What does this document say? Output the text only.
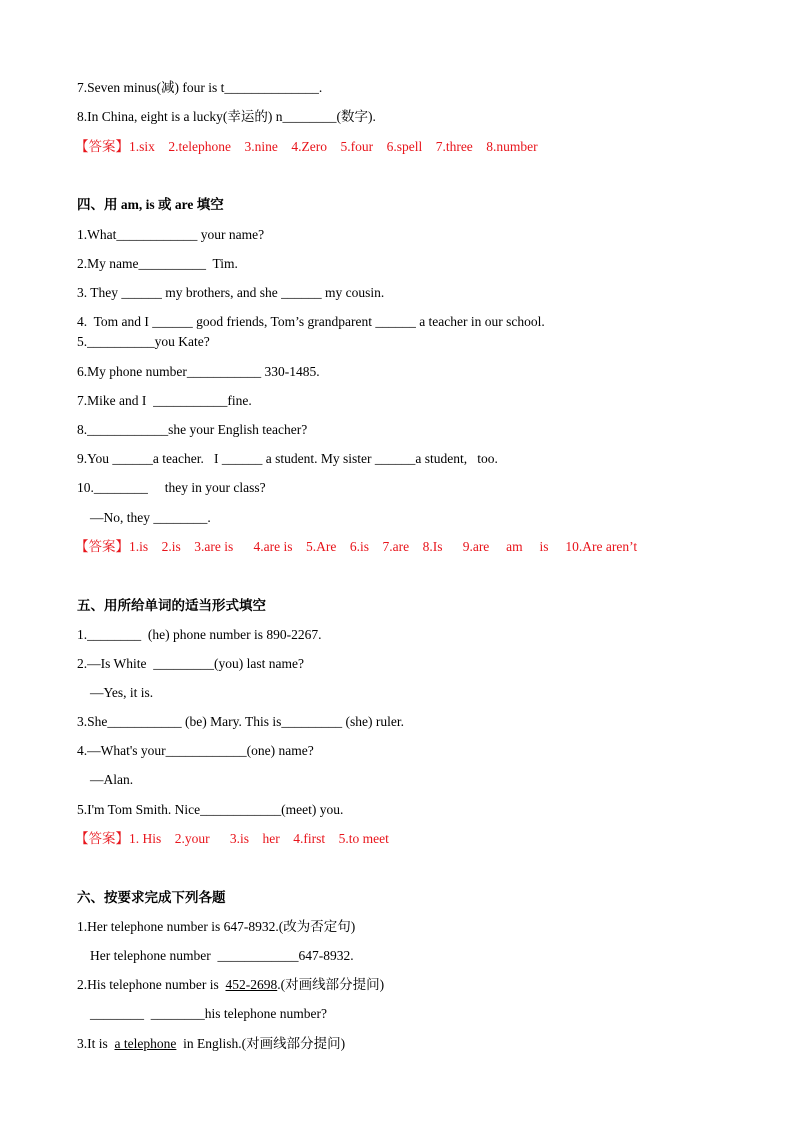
7.Seven minus(减) four is t______________.
8.In China, eight is a lucky(幸运的) n________(数字).
【答案】1.six    2.telephone    3.nine    4.Zero    5.four    6.spell    7.three    8.number
四、用 am, is 或 are 填空
1.What____________ your name?
2.My name__________  Tim.
3. They ______ my brothers, and she ______ my cousin.
4.  Tom and I ______ good friends, Tom’s grandparent ______ a teacher in our school.
5.__________you Kate?
6.My phone number___________ 330-1485.
7.Mike and I  ___________fine.
8.____________she your English teacher?
9.You ______a teacher.   I ______ a student. My sister ______a student,   too.
10.________     they in your class?
—No, they ________.
【答案】1.is    2.is    3.are is      4.are is    5.Are    6.is    7.are    8.Is      9.are     am     is     10.Are aren’t
五、用所给单词的适当形式填空
1.________  (he) phone number is 890-2267.
2.—Is White  _________(you) last name?
—Yes, it is.
3.She___________ (be) Mary. This is_________ (she) ruler.
4.—What's your____________(one) name?
—Alan.
5.I'm Tom Smith. Nice____________(meet) you.
【答案】1. His    2.your      3.is    her    4.first    5.to meet
六、按要求完成下列各题
1.Her telephone number is 647-8932.(改为否定句)
Her telephone number  ____________647-8932.
2.His telephone number is  452-2698.(对画线部分提问)
________  ________his telephone number?
3.It is  a telephone  in English.(对画线部分提问)
